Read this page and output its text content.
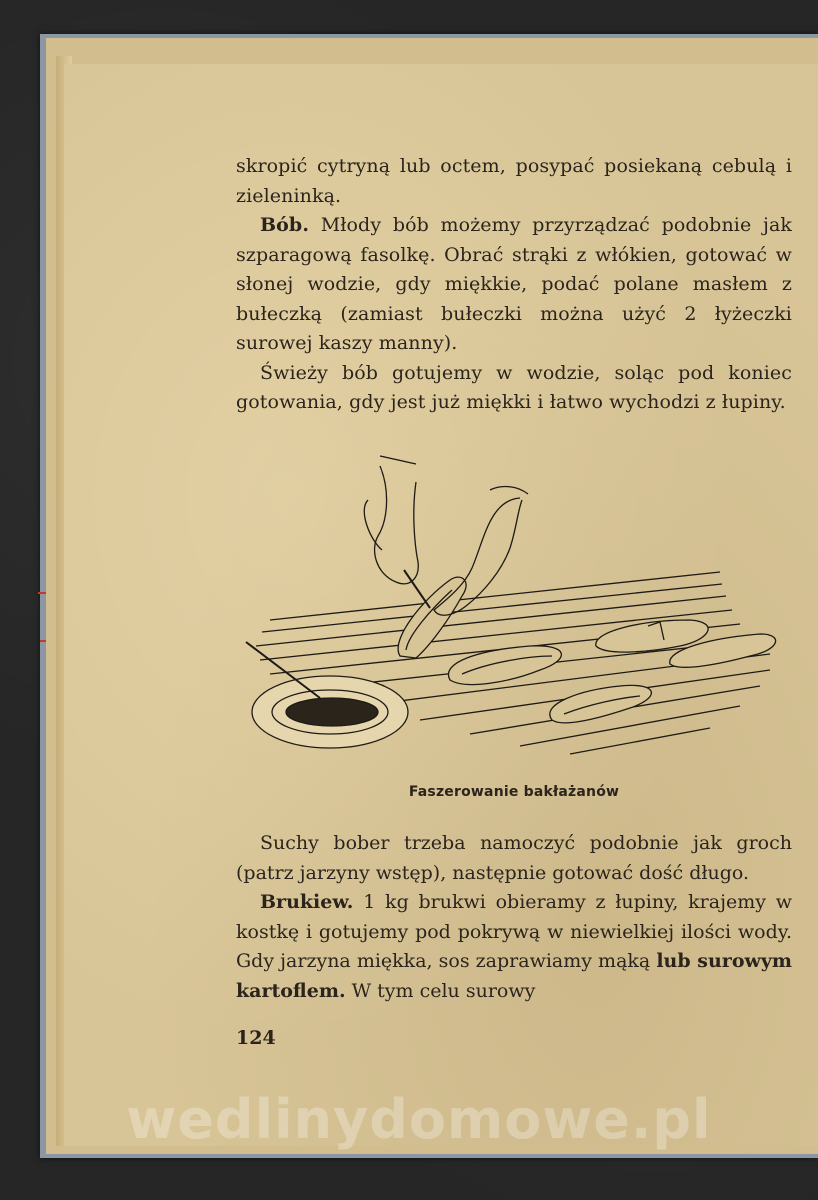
skropić cytryną lub octem, posypać posiekaną cebulą i zieleninką.

Bób. Młody bób możemy przyrządzać podobnie jak szparagową fasolkę. Obrać strąki z włókien, gotować w słonej wodzie, gdy miękkie, podać polane masłem z bułeczką (zamiast bułeczki można użyć 2 łyżeczki surowej kaszy manny).

Świeży bób gotujemy w wodzie, soląc pod koniec gotowania, gdy jest już miękki i łatwo wychodzi z łupiny.

Faszerowanie bakłażanów

Suchy bober trzeba namoczyć podobnie jak groch (patrz jarzyny wstęp), następnie gotować dość długo.

Brukiew. 1 kg brukwi obieramy z łupiny, krajemy w kostkę i gotujemy pod pokrywą w niewielkiej ilości wody. Gdy jarzyna miękka, sos zaprawiamy mąką lub surowym kartoflem. W tym celu surowy

124
wedlinydomowe.pl
